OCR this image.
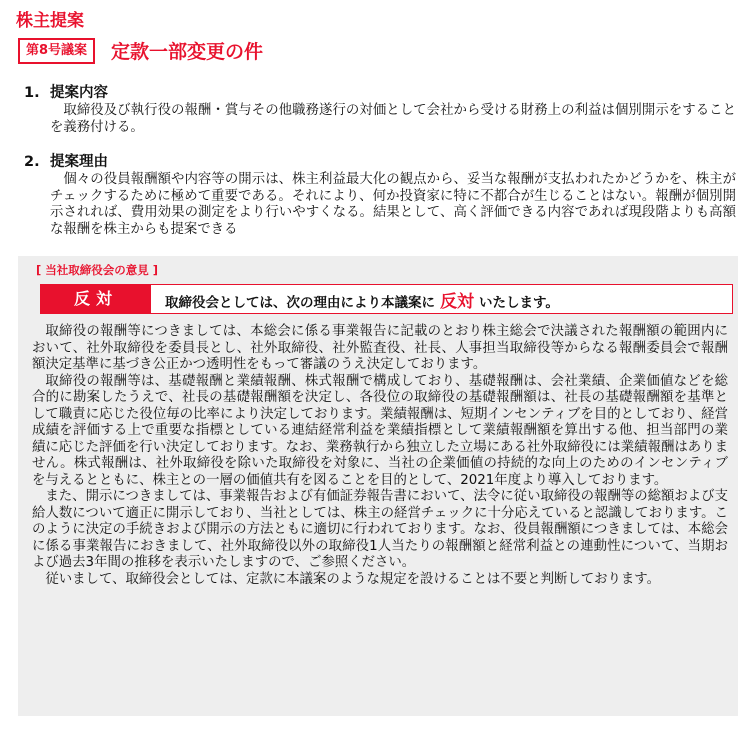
株主提案
第8号議案	定款一部変更の件
1. 提案内容
取締役及び執行役の報酬・賞与その他職務遂行の対価として会社から受ける財務上の利益は個別開示をすることを義務付ける。
2. 提案理由
個々の役員報酬額や内容等の開示は、株主利益最大化の観点から、妥当な報酬が支払われたかどうかを、株主がチェックするために極めて重要である。それにより、何か投資家に特に不都合が生じることはない。報酬が個別開示されれば、費用効果の測定をより行いやすくなる。結果として、高く評価できる内容であれば現段階よりも高額な報酬を株主からも提案できる
[ 当社取締役会の意見 ]
反対	取締役会としては、次の理由により本議案に 反対 いたします。

取締役の報酬等につきましては、本総会に係る事業報告に記載のとおり株主総会で決議された報酬額の範囲内において、社外取締役を委員長とし、社外取締役、社外監査役、社長、人事担当取締役等からなる報酬委員会で報酬額決定基準に基づき公正かつ透明性をもって審議のうえ決定しております。

取締役の報酬等は、基礎報酬と業績報酬、株式報酬で構成しており、基礎報酬は、会社業績、企業価値などを総合的に勘案したうえで、社長の基礎報酬額を決定し、各役位の取締役の基礎報酬額は、社長の基礎報酬額を基準として職責に応じた役位毎の比率により決定しております。業績報酬は、短期インセンティブを目的としており、経営成績を評価する上で重要な指標としている連結経常利益を業績指標として業績報酬額を算出する他、担当部門の業績に応じた評価を行い決定しております。なお、業務執行から独立した立場にある社外取締役には業績報酬はありません。株式報酬は、社外取締役を除いた取締役を対象に、当社の企業価値の持続的な向上のためのインセンティブを与えるとともに、株主との一層の価値共有を図ることを目的として、2021年度より導入しております。

また、開示につきましては、事業報告および有価証券報告書において、法令に従い取締役の報酬等の総額および支給人数について適正に開示しており、当社としては、株主の経営チェックに十分応えていると認識しております。このように決定の手続きおよび開示の方法ともに適切に行われております。なお、役員報酬額につきましては、本総会に係る事業報告におきまして、社外取締役以外の取締役1人当たりの報酬額と経常利益との連動性について、当期および過去3年間の推移を表示いたしますので、ご参照ください。

従いまして、取締役会としては、定款に本議案のような規定を設けることは不要と判断しております。
